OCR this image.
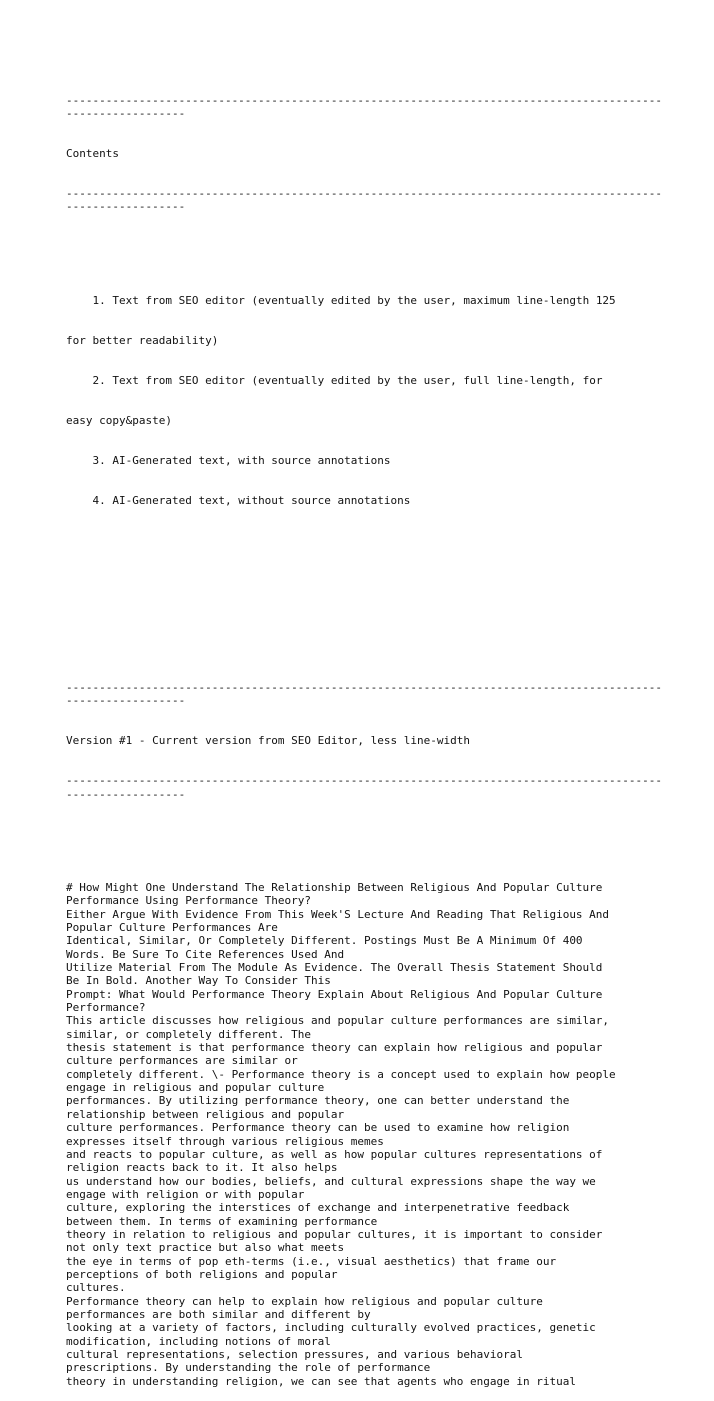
------------------------------------------------------------------------------------------------------------

Contents

------------------------------------------------------------------------------------------------------------

1. Text from SEO editor (eventually edited by the user, maximum line-length 125

for better readability)

2. Text from SEO editor (eventually edited by the user, full line-length, for

easy copy&paste)

3. AI-Generated text, with source annotations

4. AI-Generated text, without source annotations

------------------------------------------------------------------------------------------------------------

Version #1 - Current version from SEO Editor, less line-width

------------------------------------------------------------------------------------------------------------

# How Might One Understand The Relationship Between Religious And Popular Culture
Performance Using Performance Theory?
Either Argue With Evidence From This Week'S Lecture And Reading That Religious And
Popular Culture Performances Are
Identical, Similar, Or Completely Different. Postings Must Be A Minimum Of 400
Words. Be Sure To Cite References Used And
Utilize Material From The Module As Evidence. The Overall Thesis Statement Should
Be In Bold. Another Way To Consider This
Prompt: What Would Performance Theory Explain About Religious And Popular Culture
Performance?
This article discusses how religious and popular culture performances are similar,
similar, or completely different. The
thesis statement is that performance theory can explain how religious and popular
culture performances are similar or
completely different. \- Performance theory is a concept used to explain how people
engage in religious and popular culture
performances. By utilizing performance theory, one can better understand the
relationship between religious and popular
culture performances. Performance theory can be used to examine how religion
expresses itself through various religious memes
and reacts to popular culture, as well as how popular cultures representations of
religion reacts back to it. It also helps
us understand how our bodies, beliefs, and cultural expressions shape the way we
engage with religion or with popular
culture, exploring the interstices of exchange and interpenetrative feedback
between them. In terms of examining performance
theory in relation to religious and popular cultures, it is important to consider
not only text practice but also what meets
the eye in terms of pop eth-terms (i.e., visual aesthetics) that frame our
perceptions of both religions and popular
cultures.
Performance theory can help to explain how religious and popular culture
performances are both similar and different by
looking at a variety of factors, including culturally evolved practices, genetic
modification, including notions of moral
cultural representations, selection pressures, and various behavioral
prescriptions. By understanding the role of performance
theory in understanding religion, we can see that agents who engage in ritual
